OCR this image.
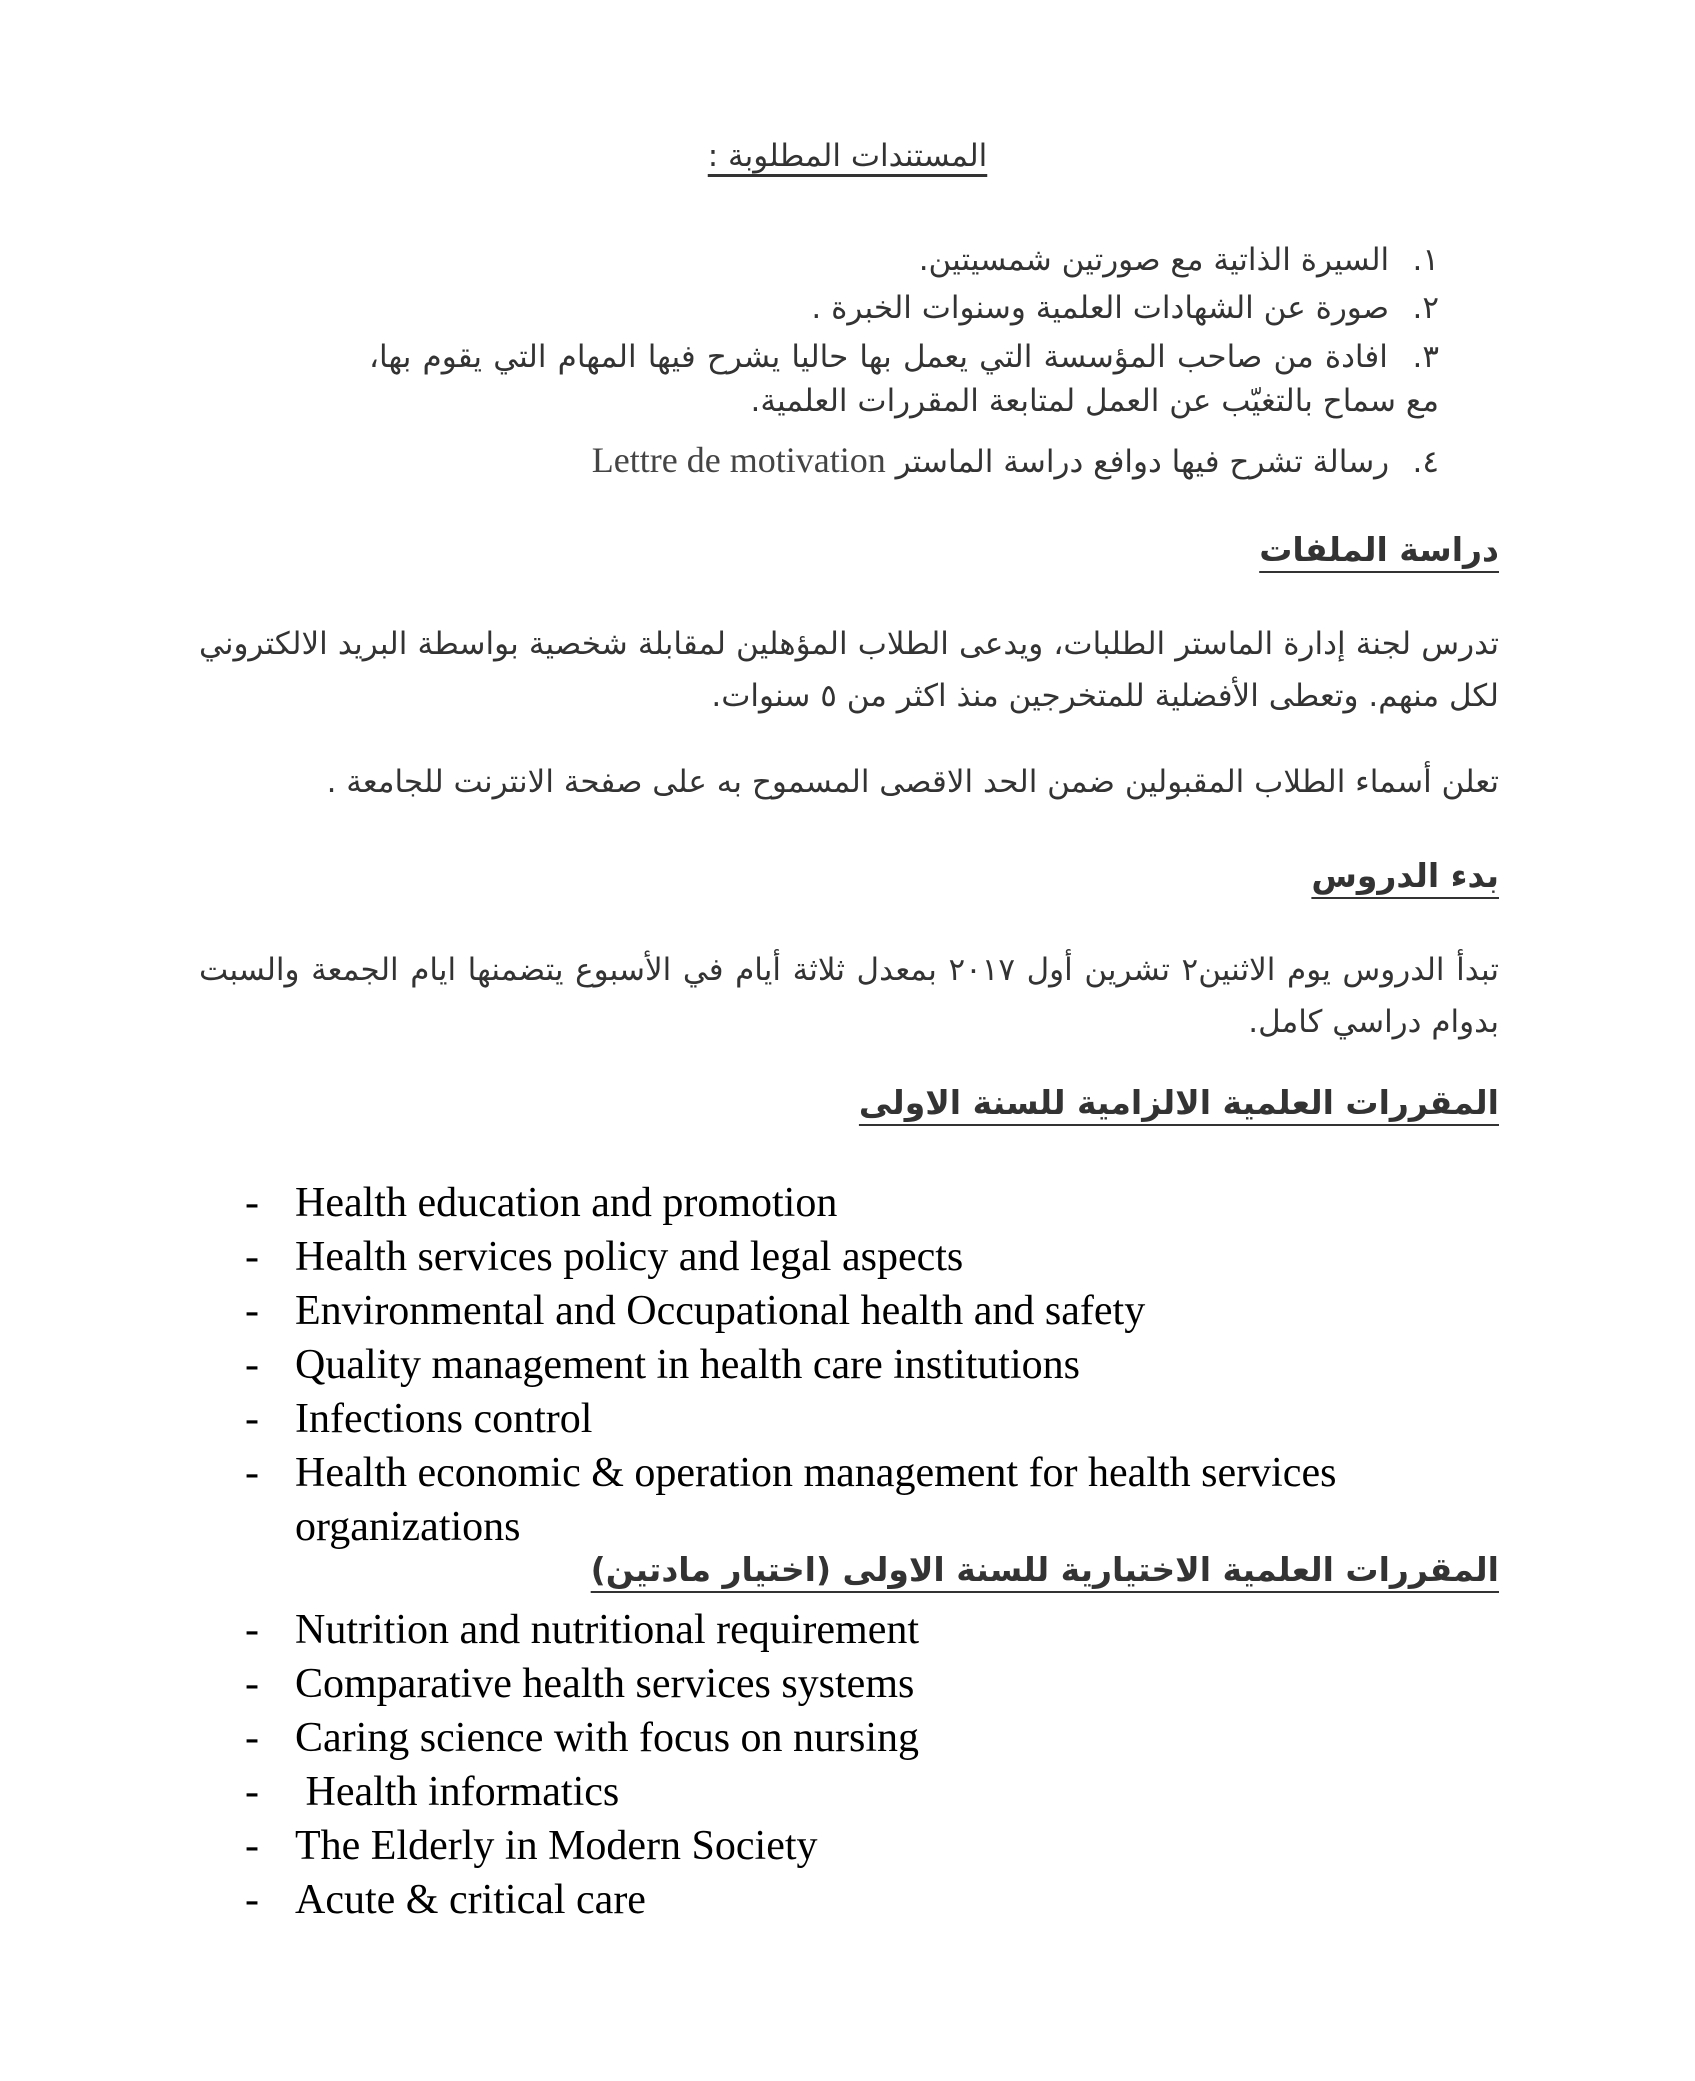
المستندات المطلوبة :
١. السيرة الذاتية مع صورتين شمسيتين.
٢. صورة عن الشهادات العلمية وسنوات الخبرة .
٣. افادة من صاحب المؤسسة التي يعمل بها حاليا يشرح فيها المهام التي يقوم بها، مع سماح بالتغيّب عن العمل لمتابعة المقررات العلمية.
٤. رسالة تشرح فيها دوافع دراسة الماستر Lettre de motivation
دراسة الملفات
تدرس لجنة إدارة الماستر الطلبات، ويدعى الطلاب المؤهلين لمقابلة شخصية بواسطة البريد الالكتروني لكل منهم. وتعطى الأفضلية للمتخرجين منذ اكثر من ٥ سنوات.
تعلن أسماء الطلاب المقبولين ضمن الحد الاقصى المسموح به على صفحة الانترنت للجامعة .
بدء الدروس
تبدأ الدروس يوم الاثنين٢ تشرين أول ٢٠١٧ بمعدل ثلاثة أيام في الأسبوع يتضمنها ايام الجمعة والسبت بدوام دراسي كامل.
المقررات العلمية الالزامية للسنة الاولى
- Health education and promotion
- Health services policy and legal aspects
- Environmental and Occupational health and safety
- Quality management in health care institutions
- Infections control
- Health economic & operation management for health services organizations
المقررات العلمية الاختيارية للسنة الاولى (اختيار مادتين)
- Nutrition and nutritional requirement
- Comparative health services systems
- Caring science with focus on nursing
- Health informatics
- The Elderly in Modern Society
- Acute & critical care
